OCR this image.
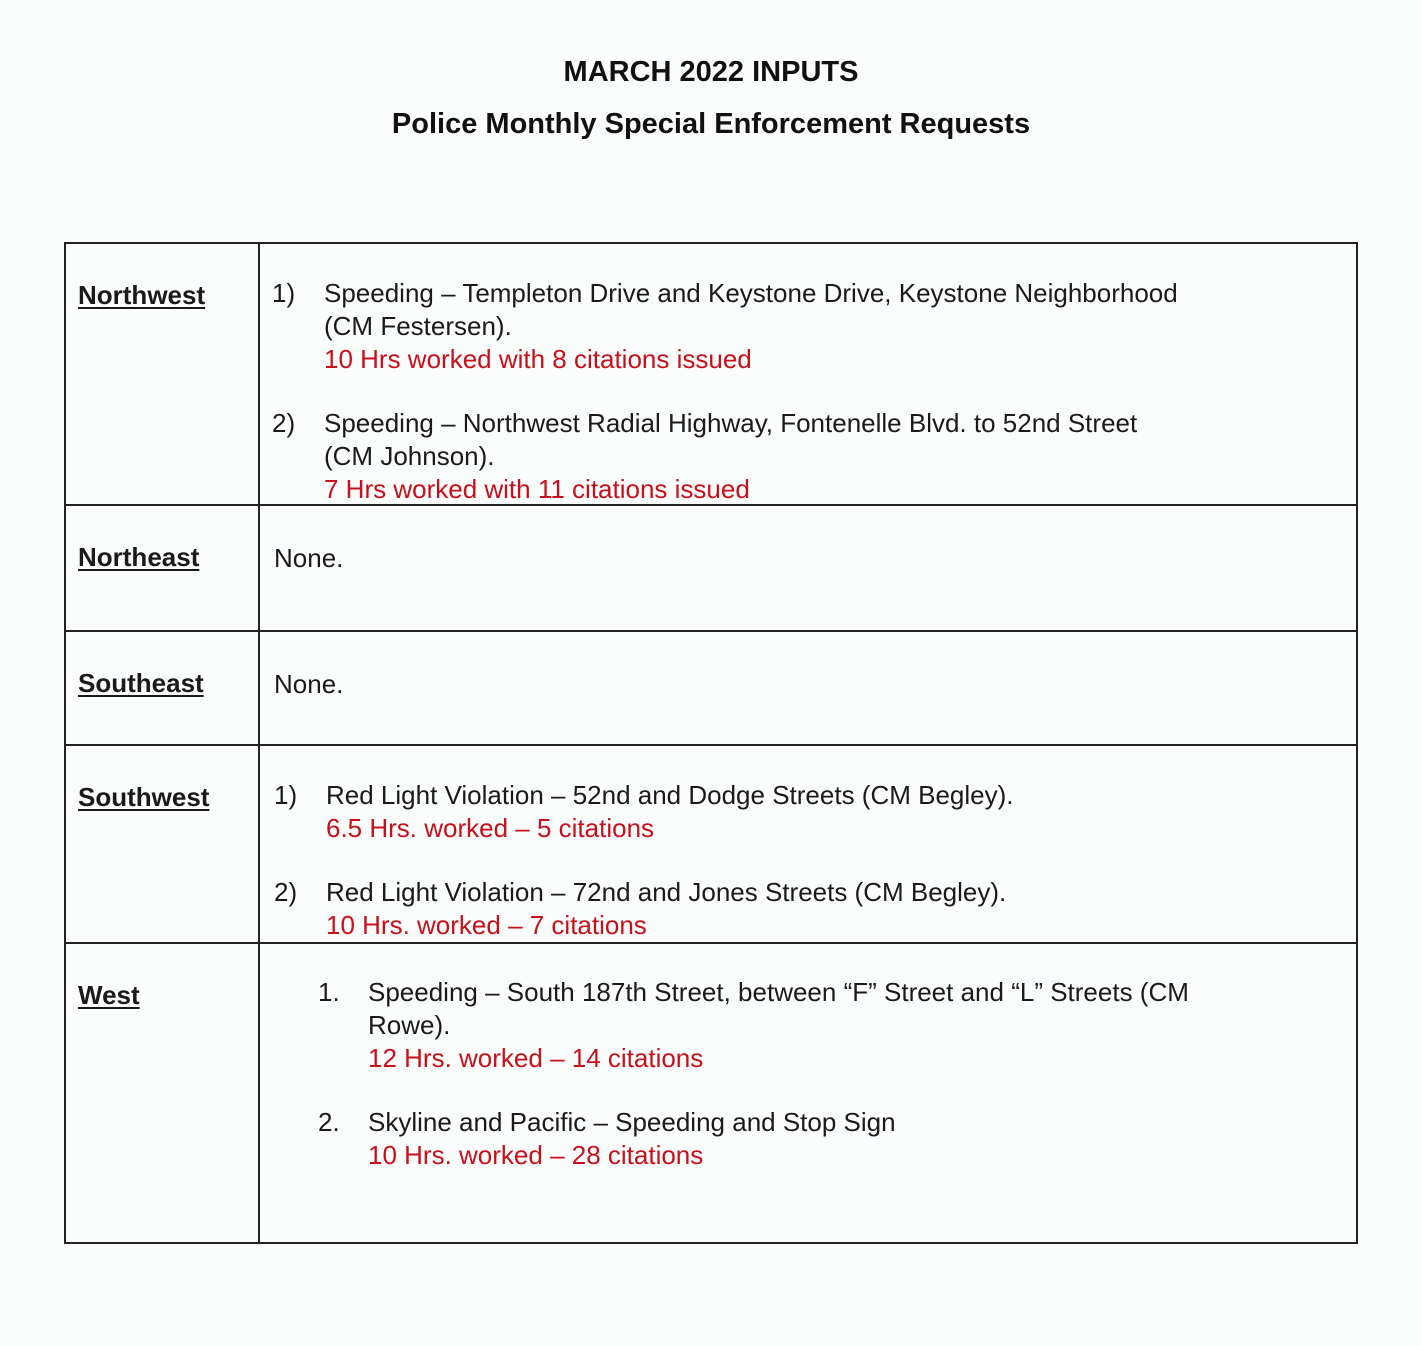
MARCH 2022 INPUTS
Police Monthly Special Enforcement Requests
Northwest	1)	Speeding – Templeton Drive and Keystone Drive, Keystone Neighborhood
(CM Festersen).
10 Hrs worked with 8 citations issued
2)	Speeding – Northwest Radial Highway, Fontenelle Blvd. to 52nd Street
(CM Johnson).
7 Hrs worked with 11 citations issued
Northeast	None.
Southeast	None.
Southwest	1)	Red Light Violation – 52nd and Dodge Streets (CM Begley).
6.5 Hrs. worked – 5 citations
2)	Red Light Violation – 72nd and Jones Streets (CM Begley).
10 Hrs. worked – 7 citations
West	1.	Speeding – South 187th Street, between “F” Street and “L” Streets (CM
Rowe).
12 Hrs. worked – 14 citations
2.	Skyline and Pacific – Speeding and Stop Sign
10 Hrs. worked – 28 citations
